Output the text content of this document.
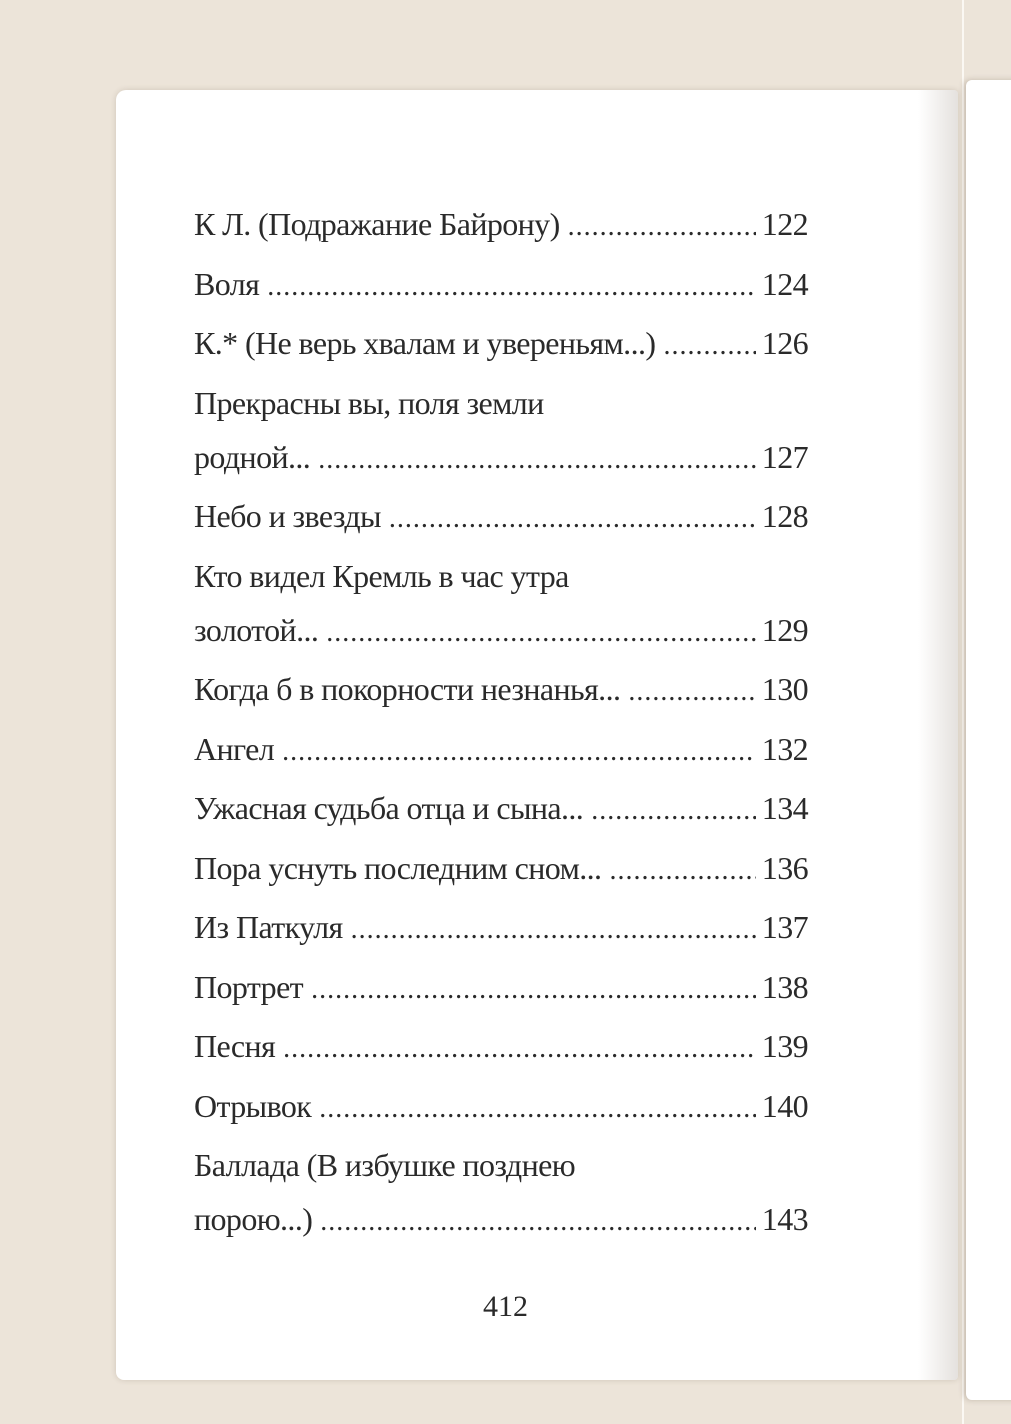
К Л. (Подражание Байрону) .....	122
Воля .....	124
К.* (Не верь хвалам и увереньям...) .....	126
Прекрасны вы, поля земли
родной... .....	127
Небо и звезды .....	128
Кто видел Кремль в час утра
золотой... .....	129
Когда б в покорности незнанья... .....	130
Ангел .....	132
Ужасная судьба отца и сына... .....	134
Пора уснуть последним сном... .....	136
Из Паткуля .....	137
Портрет .....	138
Песня .....	139
Отрывок .....	140
Баллада (В избушке позднею
порою...) .....	143
412
